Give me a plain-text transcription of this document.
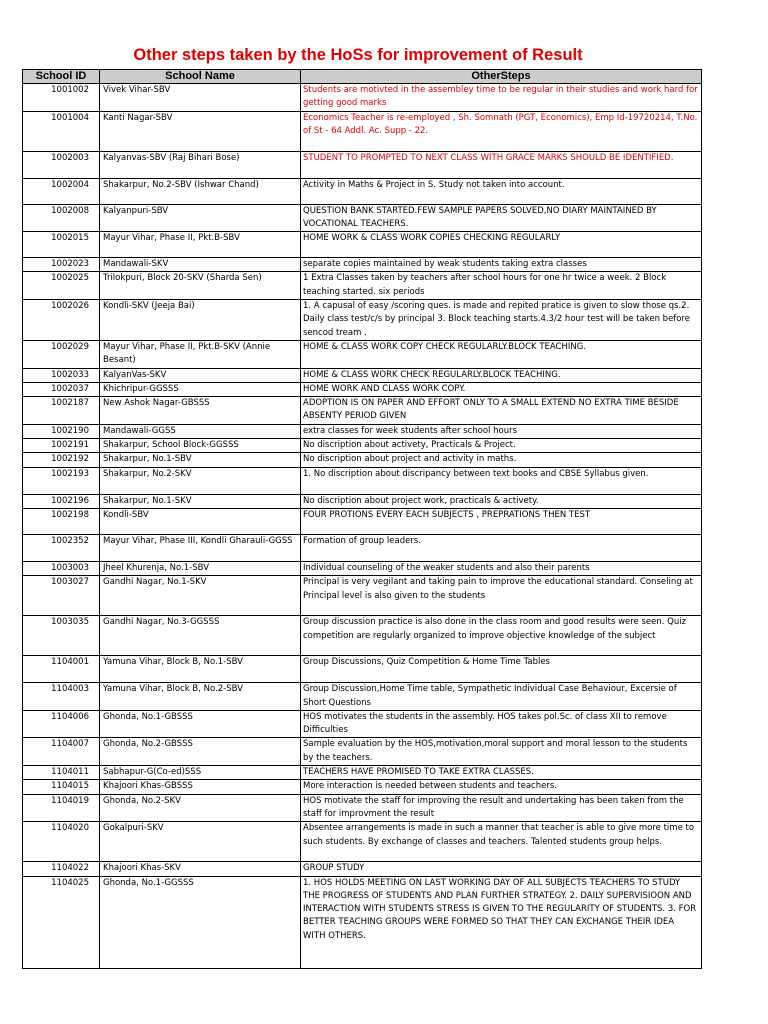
Other steps taken by the HoSs for improvement of Result
School ID	School Name	OtherSteps
1001002	Vivek Vihar-SBV	Students are motivted in the assembley time to be regular in their studies and work hard for getting good marks
1001004	Kanti Nagar-SBV	Economics Teacher is re-employed , Sh. Somnath (PGT, Economics), Emp Id-19720214, T.No. of St - 64 Addl. Ac. Supp - 22.
1002003	Kalyanvas-SBV (Raj Bihari Bose)	STUDENT TO PROMPTED TO NEXT CLASS WITH GRACE MARKS SHOULD BE IDENTIFIED.
1002004	Shakarpur, No.2-SBV (Ishwar Chand)	Activity in Maths & Project in S. Study not taken into account.
1002008	Kalyanpuri-SBV	QUESTION BANK STARTED.FEW SAMPLE PAPERS SOLVED,NO DIARY MAINTAINED BY VOCATIONAL TEACHERS.
1002015	Mayur Vihar, Phase II, Pkt.B-SBV	HOME WORK & CLASS WORK COPIES CHECKING REGULARLY
1002023	Mandawali-SKV	separate copies maintained by weak students taking extra classes
1002025	Trilokpuri, Block 20-SKV (Sharda Sen)	1 Extra Classes taken by teachers after school hours for one hr twice a week. 2 Block teaching started. six periods
1002026	Kondli-SKV (Jeeja Bai)	1. A capusal of easy /scoring ques. is made and repited pratice is given to slow those qs.2. Daily class test/c/s by principal 3. Block teaching starts.4.3/2 hour test will be taken before sencod tream .
1002029	Mayur Vihar, Phase II, Pkt.B-SKV (Annie Besant)	HOME & CLASS WORK COPY CHECK REGULARLY.BLOCK TEACHING.
1002033	KalyanVas-SKV	HOME & CLASS WORK CHECK REGULARLY.BLOCK TEACHING.
1002037	Khichripur-GGSSS	HOME WORK AND CLASS WORK COPY.
1002187	New Ashok Nagar-GBSSS	ADOPTION IS ON PAPER AND EFFORT ONLY TO A SMALL EXTEND NO EXTRA TIME BESIDE ABSENTY PERIOD GIVEN
1002190	Mandawali-GGSS	extra classes for week students after school hours
1002191	Shakarpur, School Block-GGSSS	No discription about activety, Practicals & Project.
1002192	Shakarpur, No.1-SBV	No discription about project and activity in maths.
1002193	Shakarpur, No.2-SKV	1. No discription about discripancy between text books and CBSE Syllabus given.
1002196	Shakarpur, No.1-SKV	No discription about project work, practicals & activety.
1002198	Kondli-SBV	FOUR PROTIONS EVERY EACH SUBJECTS , PREPRATIONS THEN TEST
1002352	Mayur Vihar, Phase III, Kondli Gharauli-GGSS	Formation of group leaders.
1003003	Jheel Khurenja, No.1-SBV	Individual counseling of the weaker students and also their parents
1003027	Gandhi Nagar, No.1-SKV	Principal is very vegilant and taking pain to improve the educational standard. Conseling at Principal level is also given to the students
1003035	Gandhi Nagar, No.3-GGSSS	Group discussion practice is also done in the class room and good results were seen. Quiz competition are regularly organized to improve objective knowledge of the subject
1104001	Yamuna Vihar, Block B, No.1-SBV	Group Discussions, Quiz Competition & Home Time Tables
1104003	Yamuna Vihar, Block B, No.2-SBV	Group Discussion,Home Time table, Sympathetic Individual Case Behaviour, Excersie of Short Questions
1104006	Ghonda, No.1-GBSSS	HOS motivates the students in the assembly. HOS takes pol.Sc. of class XII to remove Difficulties
1104007	Ghonda, No.2-GBSSS	Sample evaluation by the HOS,motivation,moral support and moral lesson to the students by the teachers.
1104011	Sabhapur-G(Co-ed)SSS	TEACHERS HAVE PROMISED TO TAKE EXTRA CLASSES.
1104015	Khajoori Khas-GBSSS	More interaction is needed between students and teachers.
1104019	Ghonda, No.2-SKV	HOS motivate the staff for improving the result and undertaking has been taken from the staff for improvment the result
1104020	Gokalpuri-SKV	Absentee arrangements is made in such a manner that teacher is able to give more time to such students. By exchange of classes and teachers. Talented students group helps.
1104022	Khajoori Khas-SKV	GROUP STUDY
1104025	Ghonda, No.1-GGSSS	1. HOS HOLDS MEETING ON LAST WORKING DAY OF ALL SUBJECTS TEACHERS TO STUDY THE PROGRESS OF STUDENTS AND PLAN FURTHER STRATEGY. 2. DAILY SUPERVISIOON AND INTERACTION WITH STUDENTS STRESS IS GIVEN TO THE REGULARITY OF STUDENTS. 3. FOR BETTER TEACHING GROUPS WERE FORMED SO THAT THEY CAN EXCHANGE THEIR IDEA WITH OTHERS.
